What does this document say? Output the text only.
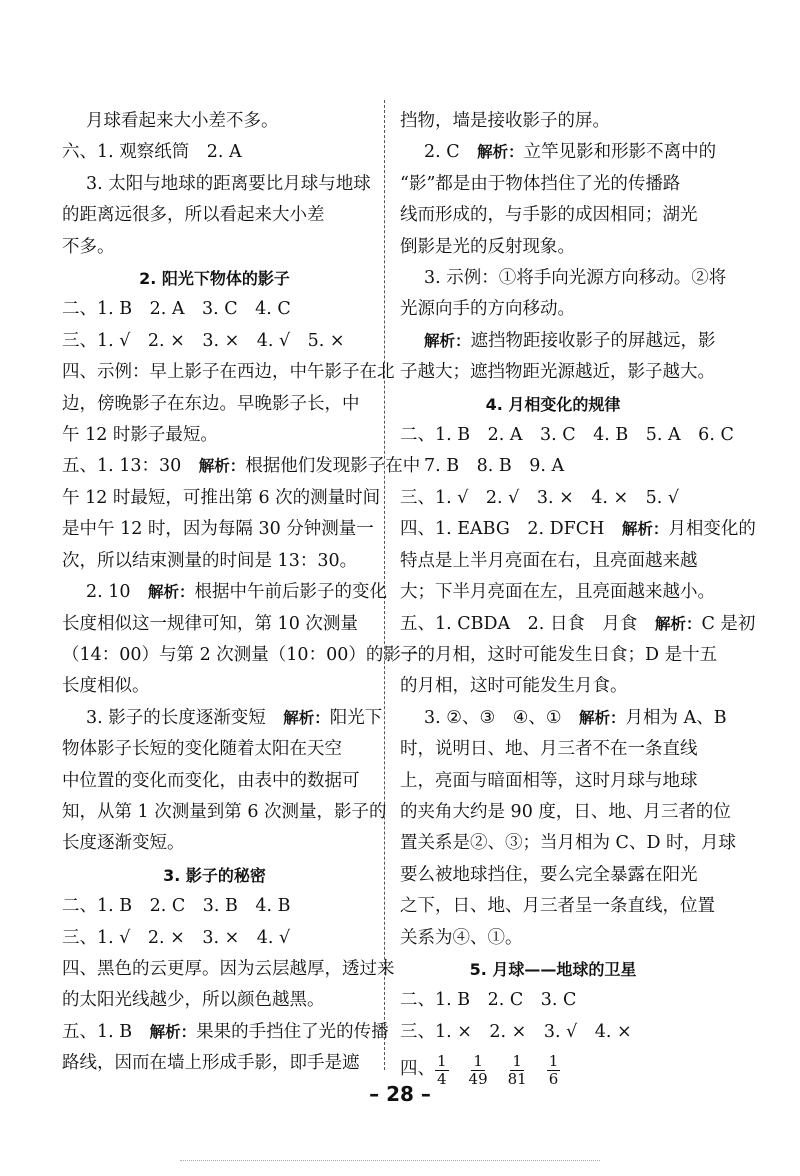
月球看起来大小差不多。
六、1. 观察纸筒　2. A
3. 太阳与地球的距离要比月球与地球
的距离远很多，所以看起来大小差
不多。
2. 阳光下物体的影子
二、1. B　2. A　3. C　4. C
三、1. √　2. ×　3. ×　4. √　5. ×
四、示例：早上影子在西边，中午影子在北
边，傍晚影子在东边。早晚影子长，中
午 12 时影子最短。
五、1. 13：30　解析：根据他们发现影子在中
午 12 时最短，可推出第 6 次的测量时间
是中午 12 时，因为每隔 30 分钟测量一
次，所以结束测量的时间是 13：30。
2. 10　解析：根据中午前后影子的变化
长度相似这一规律可知，第 10 次测量
（14：00）与第 2 次测量（10：00）的影子
长度相似。
3. 影子的长度逐渐变短　解析：阳光下
物体影子长短的变化随着太阳在天空
中位置的变化而变化，由表中的数据可
知，从第 1 次测量到第 6 次测量，影子的
长度逐渐变短。
3. 影子的秘密
二、1. B　2. C　3. B　4. B
三、1. √　2. ×　3. ×　4. √
四、黑色的云更厚。因为云层越厚，透过来
的太阳光线越少，所以颜色越黑。
五、1. B　解析：果果的手挡住了光的传播
路线，因而在墙上形成手影，即手是遮
挡物，墙是接收影子的屏。
2. C　解析：立竿见影和形影不离中的
“影”都是由于物体挡住了光的传播路
线而形成的，与手影的成因相同；湖光
倒影是光的反射现象。
3. 示例：①将手向光源方向移动。②将
光源向手的方向移动。
解析：遮挡物距接收影子的屏越远，影
子越大；遮挡物距光源越近，影子越大。
4. 月相变化的规律
二、1. B　2. A　3. C　4. B　5. A　6. C
7. B　8. B　9. A
三、1. √　2. √　3. ×　4. ×　5. √
四、1. EABG　2. DFCH　解析：月相变化的
特点是上半月亮面在右，且亮面越来越
大；下半月亮面在左，且亮面越来越小。
五、1. CBDA　2. 日食　月食　解析：C 是初
一的月相，这时可能发生日食；D 是十五
的月相，这时可能发生月食。
3. ②、③　④、①　解析：月相为 A、B
时，说明日、地、月三者不在一条直线
上，亮面与暗面相等，这时月球与地球
的夹角大约是 90 度，日、地、月三者的位
置关系是②、③；当月相为 C、D 时，月球
要么被地球挡住，要么完全暴露在阳光
之下，日、地、月三者呈一条直线，位置
关系为④、①。
5. 月球——地球的卫星
二、1. B　2. C　3. C
三、1. ×　2. ×　3. √　4. ×
四、 $\frac{1}{4} \frac{1}{49} \frac{1}{81} \frac{1}{6}$
– 28 –
